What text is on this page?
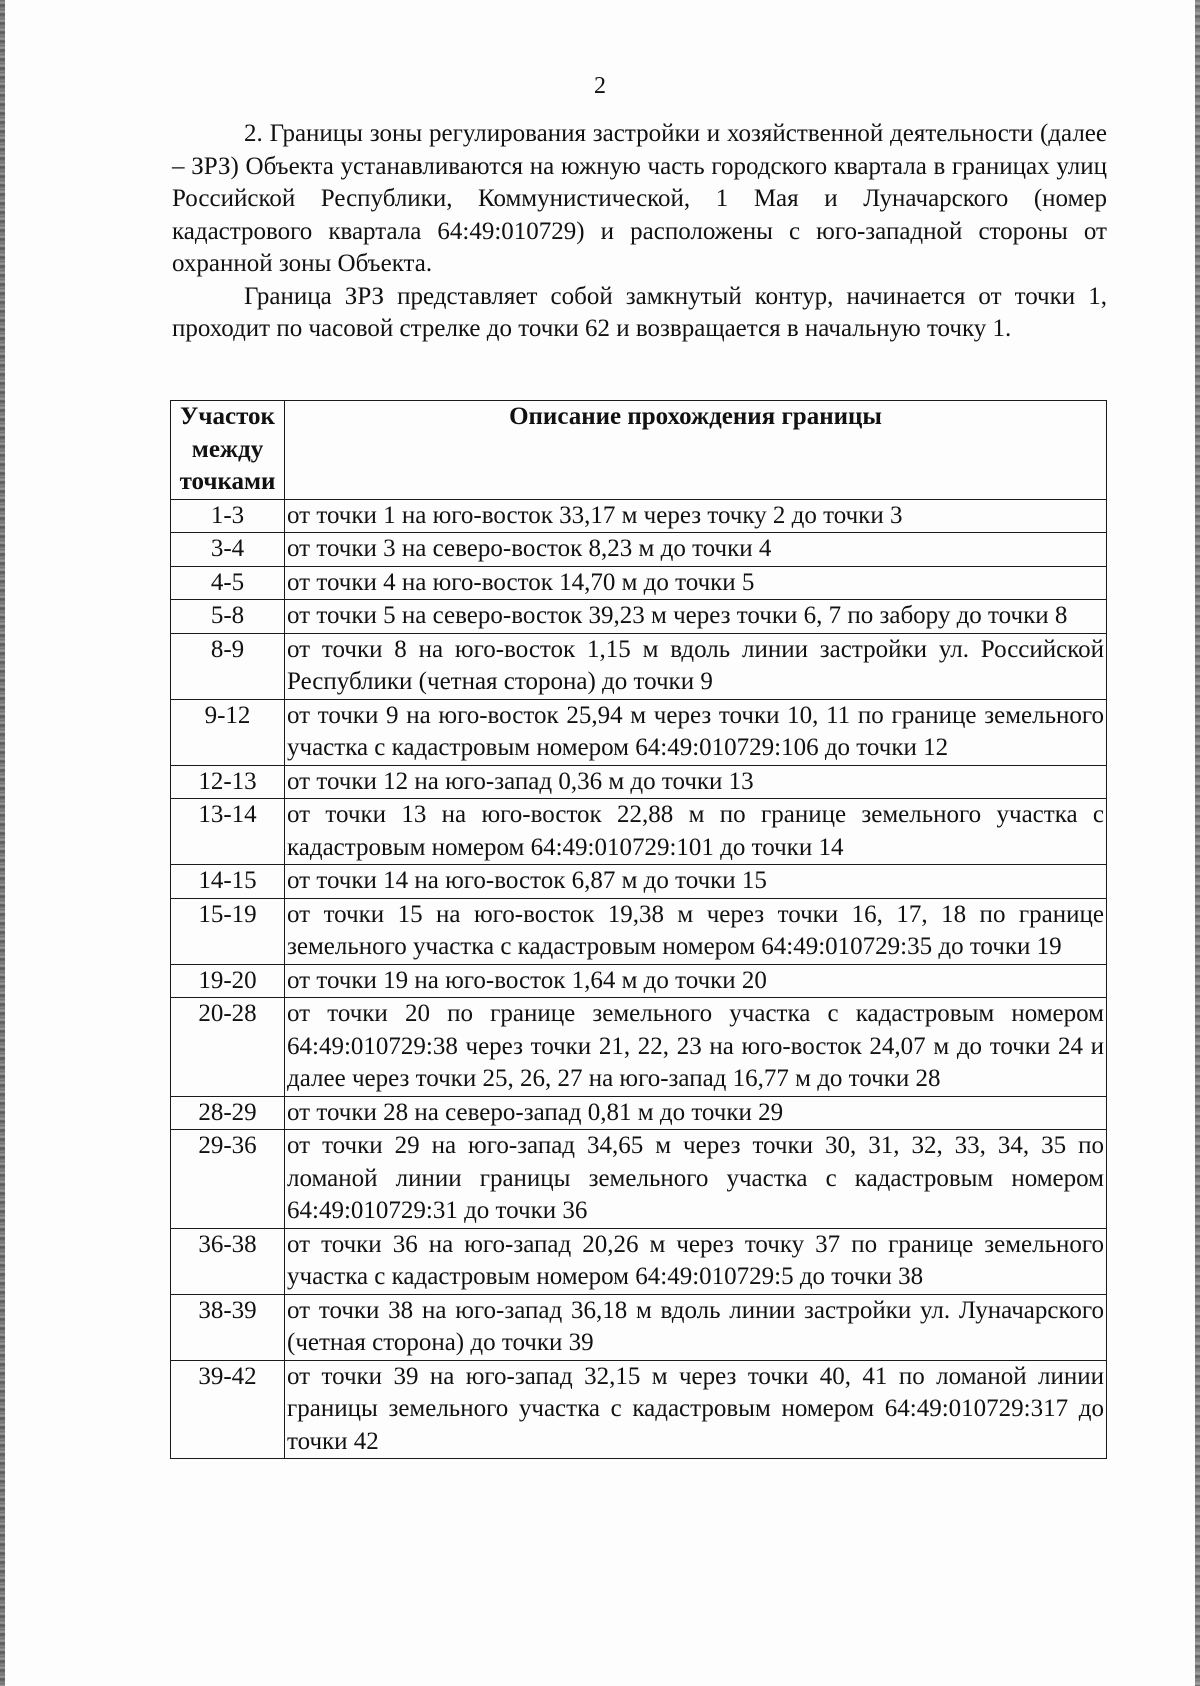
2

2. Границы зоны регулирования застройки и хозяйственной деятельности (далее – ЗРЗ) Объекта устанавливаются на южную часть городского квартала в границах улиц Российской Республики, Коммунистической, 1 Мая и Луначарского (номер кадастрового квартала 64:49:010729) и расположены с юго-западной стороны от охранной зоны Объекта.

Граница ЗРЗ представляет собой замкнутый контур, начинается от точки 1, проходит по часовой стрелке до точки 62 и возвращается в начальную точку 1.

Участок между точками	Описание прохождения границы
1-3	от точки 1 на юго-восток 33,17 м через точку 2 до точки 3
3-4	от точки 3 на северо-восток 8,23 м до точки 4
4-5	от точки 4 на юго-восток 14,70 м до точки 5
5-8	от точки 5 на северо-восток 39,23 м через точки 6, 7 по забору до точки 8
8-9	от точки 8 на юго-восток 1,15 м вдоль линии застройки ул. Российской Республики (четная сторона) до точки 9
9-12	от точки 9 на юго-восток 25,94 м через точки 10, 11 по границе земельного участка с кадастровым номером 64:49:010729:106 до точки 12
12-13	от точки 12 на юго-запад 0,36 м до точки 13
13-14	от точки 13 на юго-восток 22,88 м по границе земельного участка с кадастровым номером 64:49:010729:101 до точки 14
14-15	от точки 14 на юго-восток 6,87 м до точки 15
15-19	от точки 15 на юго-восток 19,38 м через точки 16, 17, 18 по границе земельного участка с кадастровым номером 64:49:010729:35 до точки 19
19-20	от точки 19 на юго-восток 1,64 м до точки 20
20-28	от точки 20 по границе земельного участка с кадастровым номером 64:49:010729:38 через точки 21, 22, 23 на юго-восток 24,07 м до точки 24 и далее через точки 25, 26, 27 на юго-запад 16,77 м до точки 28
28-29	от точки 28 на северо-запад 0,81 м до точки 29
29-36	от точки 29 на юго-запад 34,65 м через точки 30, 31, 32, 33, 34, 35 по ломаной линии границы земельного участка с кадастровым номером 64:49:010729:31 до точки 36
36-38	от точки 36 на юго-запад 20,26 м через точку 37 по границе земельного участка с кадастровым номером 64:49:010729:5 до точки 38
38-39	от точки 38 на юго-запад 36,18 м вдоль линии застройки ул. Луначарского (четная сторона) до точки 39
39-42	от точки 39 на юго-запад 32,15 м через точки 40, 41 по ломаной линии границы земельного участка с кадастровым номером 64:49:010729:317 до точки 42
